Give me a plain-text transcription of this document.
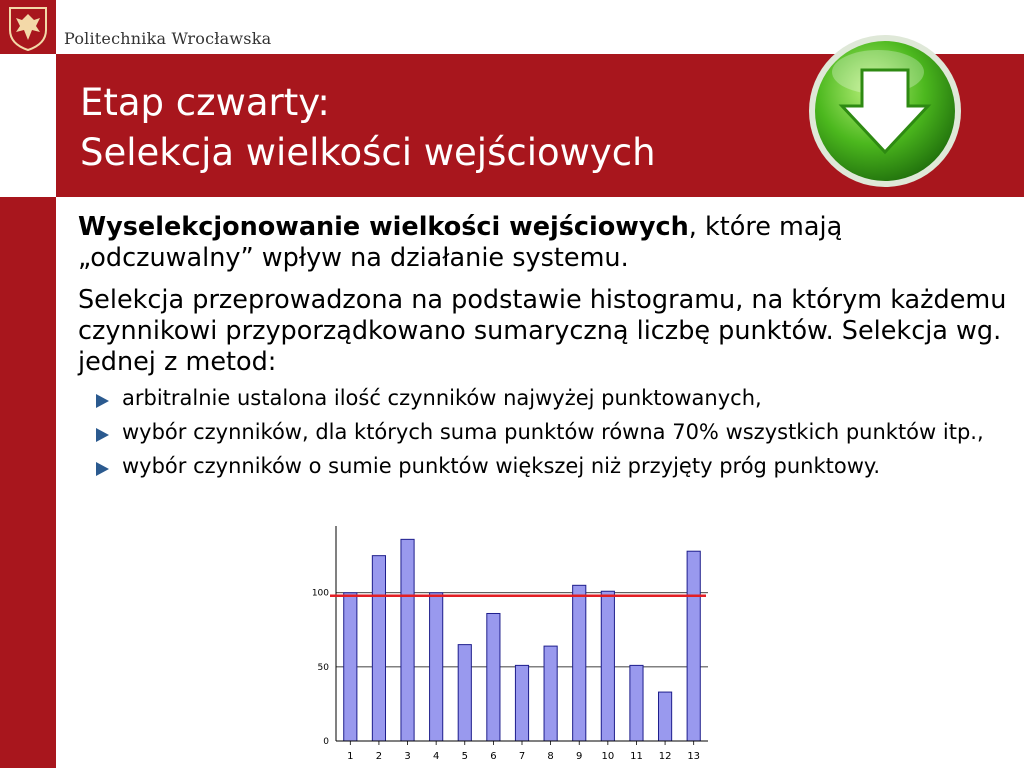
Politechnika Wrocławska
Etap czwarty:
Selekcja wielkości wejściowych

Wyselekcjonowanie wielkości wejściowych, które mają „odczuwalny” wpływ na działanie systemu.

Selekcja przeprowadzona na podstawie histogramu, na którym każdemu czynnikowi przyporządkowano sumaryczną liczbę punktów. Selekcja wg. jednej z metod:

arbitralnie ustalona ilość czynników najwyżej punktowanych,
wybór czynników, dla których suma punktów równa 70% wszystkich punktów itp.,
wybór czynników o sumie punktów większej niż przyjęty próg punktowy.
0
50
100
1 2 3 4 5 6 7 8 9 10 11 12 13
